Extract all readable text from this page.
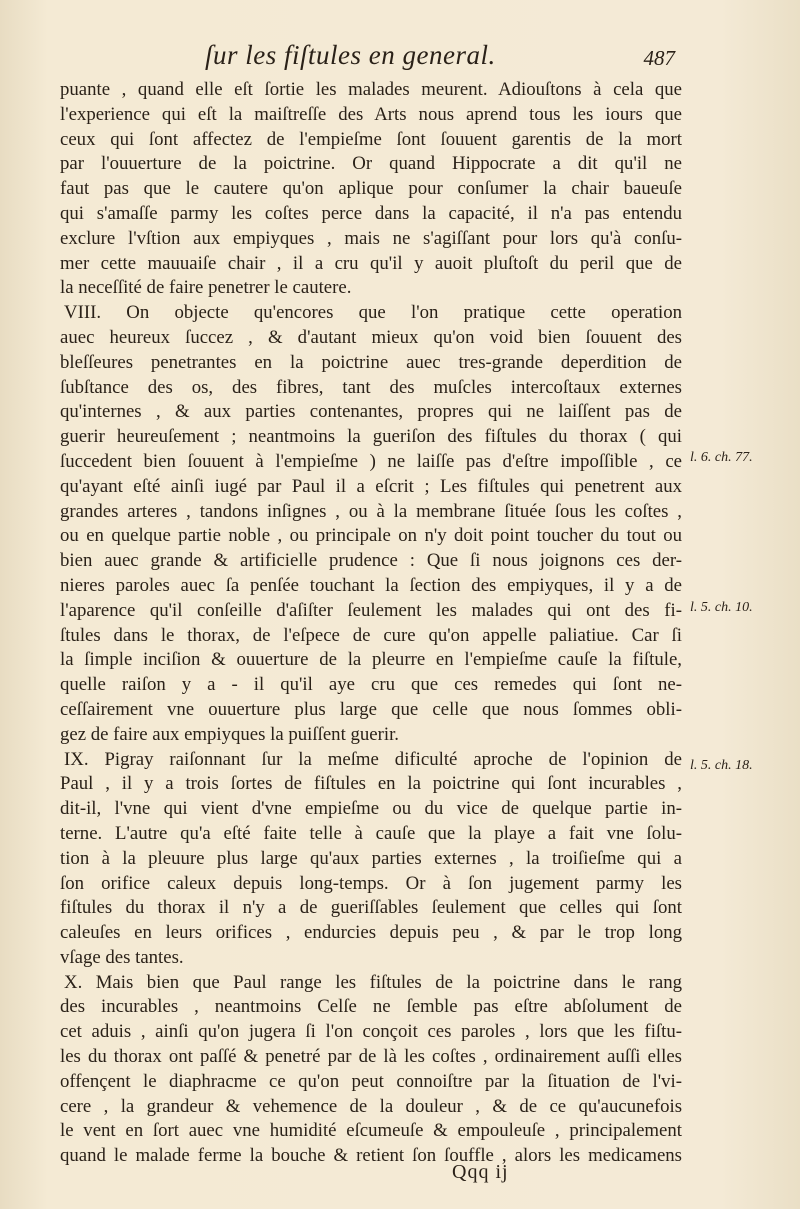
ſur les fiſtules en general.	487
puante , quand elle eſt ſortie les malades meurent. Adiouſtons à cela que
l'experience qui eſt la maiſtreſſe des Arts nous aprend tous les iours que
ceux qui ſont affectez de l'empieſme ſont ſouuent garentis de la mort
par l'ouuerture de la poictrine. Or quand Hippocrate a dit qu'il ne
faut pas que le cautere qu'on aplique pour conſumer la chair baueuſe
qui s'amaſſe parmy les coſtes perce dans la capacité, il n'a pas entendu
exclure l'vſtion aux empiyques , mais ne s'agiſſant pour lors qu'à conſu-
mer cette mauuaiſe chair , il a cru qu'il y auoit pluſtoſt du peril que de
la neceſſité de faire penetrer le cautere.
VIII. On objecte qu'encores que l'on pratique cette operation
auec heureux ſuccez , & d'autant mieux qu'on void bien ſouuent des
bleſſeures penetrantes en la poictrine auec tres-grande deperdition de
ſubſtance des os, des fibres, tant des muſcles intercoſtaux externes
qu'internes , & aux parties contenantes, propres qui ne laiſſent pas de
guerir heureuſement ; neantmoins la gueriſon des fiſtules du thorax ( qui
ſuccedent bien ſouuent à l'empieſme ) ne laiſſe pas d'eſtre impoſſible , ce
qu'ayant eſté ainſi iugé par Paul il a eſcrit ; Les fiſtules qui penetrent aux
grandes arteres , tandons inſignes , ou à la membrane ſituée ſous les coſtes ,
ou en quelque partie noble , ou principale on n'y doit point toucher du tout ou
bien auec grande & artificielle prudence : Que ſi nous joignons ces der-
nieres paroles auec ſa penſée touchant la ſection des empiyques, il y a de
l'aparence qu'il conſeille d'aſiſter ſeulement les malades qui ont des fi-
ſtules dans le thorax, de l'eſpece de cure qu'on appelle paliatiue. Car ſi
la ſimple inciſion & ouuerture de la pleurre en l'empieſme cauſe la fiſtule,
quelle raiſon y a - il qu'il aye cru que ces remedes qui ſont ne-
ceſſairement vne ouuerture plus large que celle que nous ſommes obli-
gez de faire aux empiyques la puiſſent guerir.
IX. Pigray raiſonnant ſur la meſme dificulté aproche de l'opinion de
Paul , il y a trois ſortes de fiſtules en la poictrine qui ſont incurables ,
dit-il, l'vne qui vient d'vne empieſme ou du vice de quelque partie in-
terne. L'autre qu'a eſté faite telle à cauſe que la playe a fait vne ſolu-
tion à la pleuure plus large qu'aux parties externes , la troiſieſme qui a
ſon orifice caleux depuis long-temps. Or à ſon jugement parmy les
fiſtules du thorax il n'y a de gueriſſables ſeulement que celles qui ſont
caleuſes en leurs orifices , endurcies depuis peu , & par le trop long
vſage des tantes.
X. Mais bien que Paul range les fiſtules de la poictrine dans le rang
des incurables , neantmoins Celſe ne ſemble pas eſtre abſolument de
cet aduis , ainſi qu'on jugera ſi l'on conçoit ces paroles , lors que les fiſtu-
les du thorax ont paſſé & penetré par de là les coſtes , ordinairement auſſi elles
offençent le diaphracme ce qu'on peut connoiſtre par la ſituation de l'vi-
cere , la grandeur & vehemence de la douleur , & de ce qu'aucunefois
le vent en ſort auec vne humidité eſcumeuſe & empouleuſe , principalement
quand le malade ferme la bouche & retient ſon ſouffle , alors les medicamens
l. 6. ch. 77.
l. 5. ch. 10.
l. 5. ch. 18.
Qqq ij
